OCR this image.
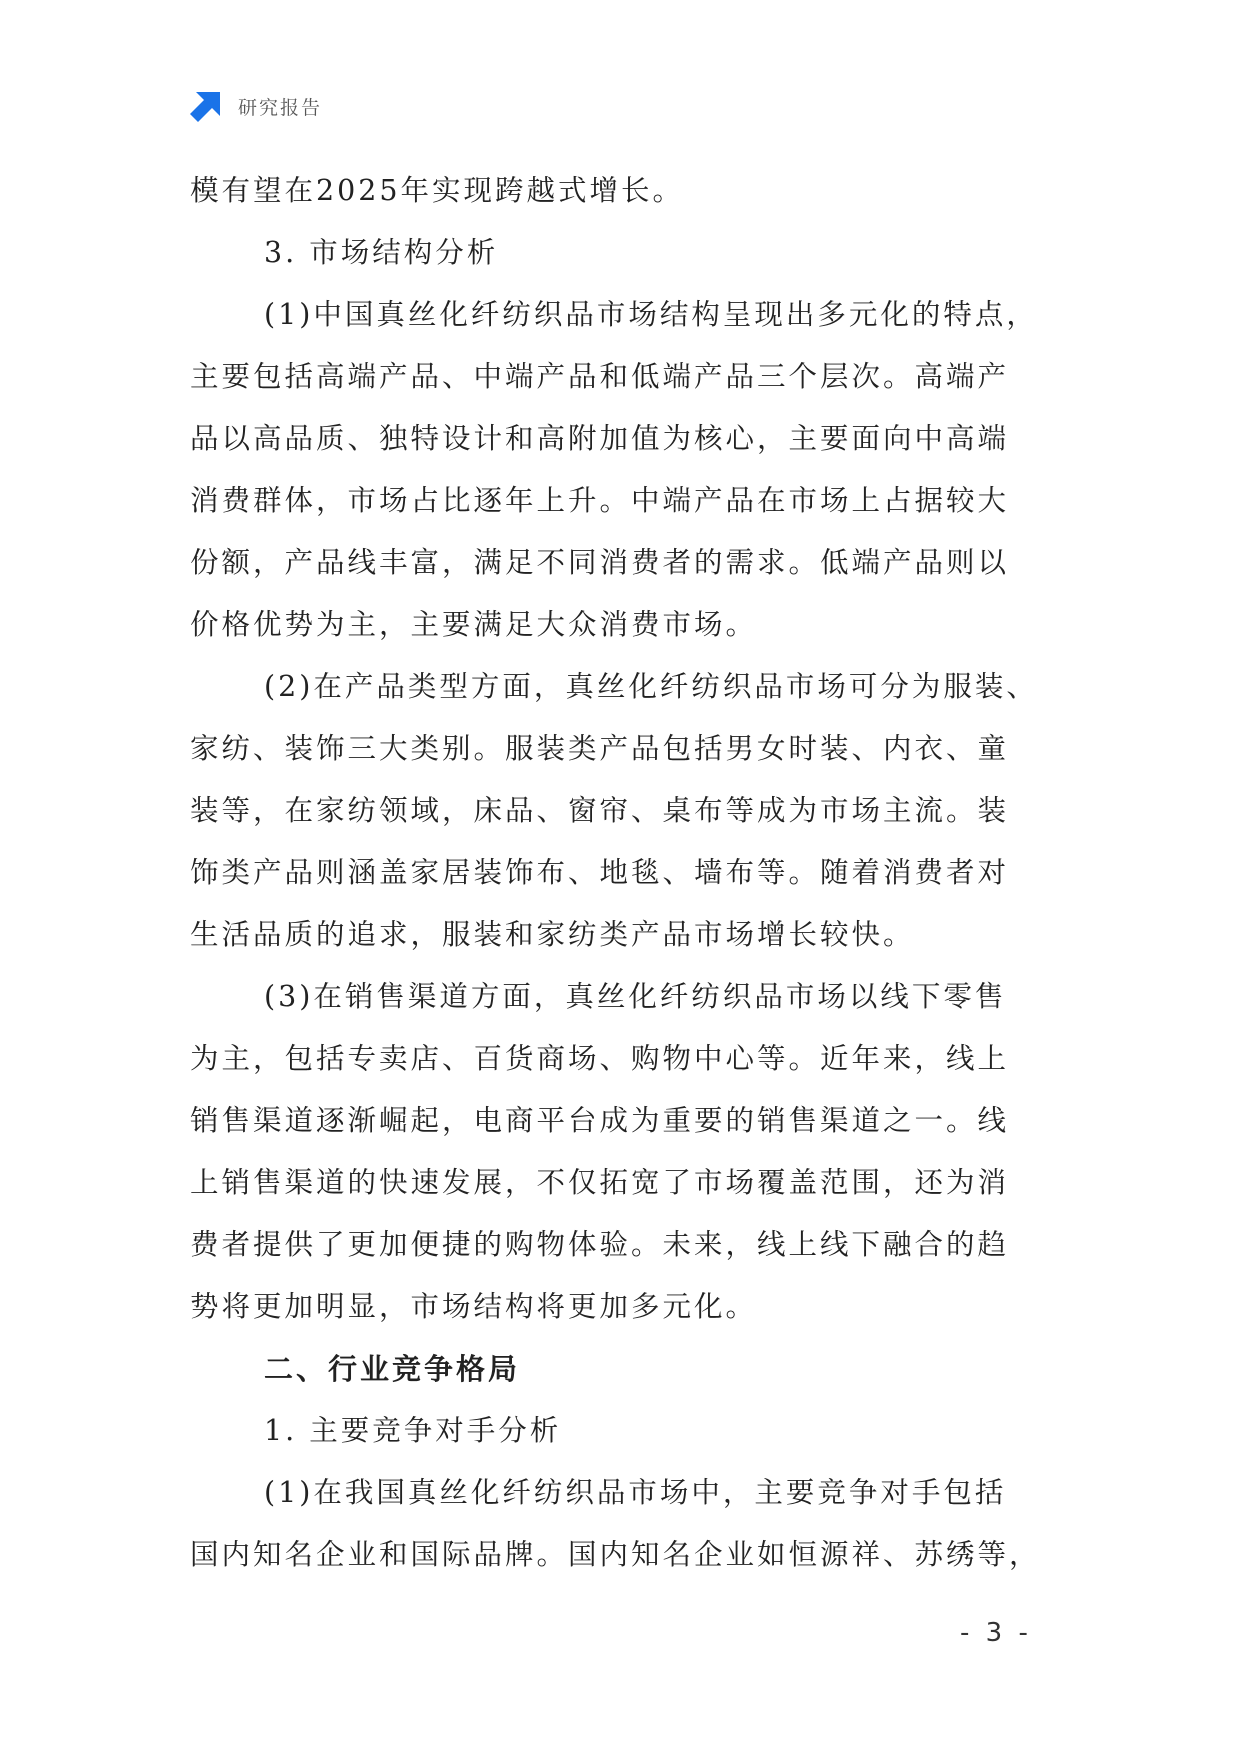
研究报告
模有望在2025年实现跨越式增长。
3. 市场结构分析
(1)中国真丝化纤纺织品市场结构呈现出多元化的特点，
主要包括高端产品、中端产品和低端产品三个层次。高端产
品以高品质、独特设计和高附加值为核心，主要面向中高端
消费群体，市场占比逐年上升。中端产品在市场上占据较大
份额，产品线丰富，满足不同消费者的需求。低端产品则以
价格优势为主，主要满足大众消费市场。
(2)在产品类型方面，真丝化纤纺织品市场可分为服装、
家纺、装饰三大类别。服装类产品包括男女时装、内衣、童
装等，在家纺领域，床品、窗帘、桌布等成为市场主流。装
饰类产品则涵盖家居装饰布、地毯、墙布等。随着消费者对
生活品质的追求，服装和家纺类产品市场增长较快。
(3)在销售渠道方面，真丝化纤纺织品市场以线下零售
为主，包括专卖店、百货商场、购物中心等。近年来，线上
销售渠道逐渐崛起，电商平台成为重要的销售渠道之一。线
上销售渠道的快速发展，不仅拓宽了市场覆盖范围，还为消
费者提供了更加便捷的购物体验。未来，线上线下融合的趋
势将更加明显，市场结构将更加多元化。
二、行业竞争格局
1. 主要竞争对手分析
(1)在我国真丝化纤纺织品市场中，主要竞争对手包括
国内知名企业和国际品牌。国内知名企业如恒源祥、苏绣等，
- 3 -
